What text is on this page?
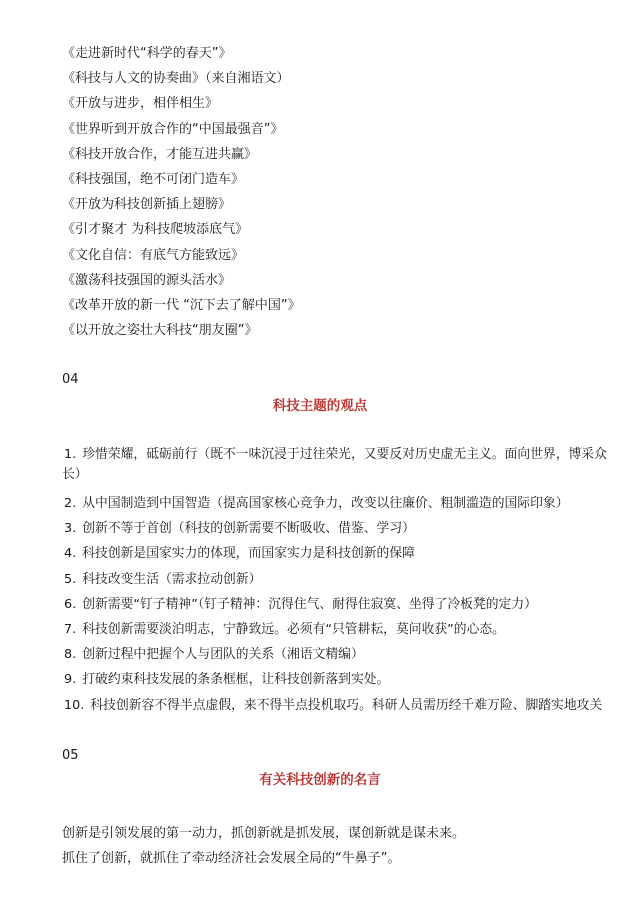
《走进新时代“科学的春天”》
《科技与人文的协奏曲》（来自湘语文）
《开放与进步，相伴相生》
《世界听到开放合作的“中国最强音”》
《科技开放合作，才能互进共赢》
《科技强国，绝不可闭门造车》
《开放为科技创新插上翅膀》
《引才聚才 为科技爬坡添底气》
《文化自信：有底气方能致远》
《激荡科技强国的源头活水》
《改革开放的新一代 “沉下去了解中国”》
《以开放之姿壮大科技“朋友圈”》
04
科技主题的观点
1. 珍惜荣耀，砥砺前行（既不一味沉浸于过往荣光，又要反对历史虚无主义。面向世界，博采众长）
2. 从中国制造到中国智造（提高国家核心竞争力，改变以往廉价、粗制滥造的国际印象）
3. 创新不等于首创（科技的创新需要不断吸收、借鉴、学习）
4. 科技创新是国家实力的体现，而国家实力是科技创新的保障
5. 科技改变生活（需求拉动创新）
6. 创新需要“钉子精神”（钉子精神：沉得住气、耐得住寂寞、坐得了冷板凳的定力）
7. 科技创新需要淡泊明志，宁静致远。必须有“只管耕耘，莫问收获”的心态。
8. 创新过程中把握个人与团队的关系（湘语文精编）
9. 打破约束科技发展的条条框框，让科技创新落到实处。
10. 科技创新容不得半点虚假，来不得半点投机取巧。科研人员需历经千难万险、脚踏实地攻关
05
有关科技创新的名言
创新是引领发展的第一动力，抓创新就是抓发展，谋创新就是谋未来。
抓住了创新，就抓住了牵动经济社会发展全局的“牛鼻子”。
